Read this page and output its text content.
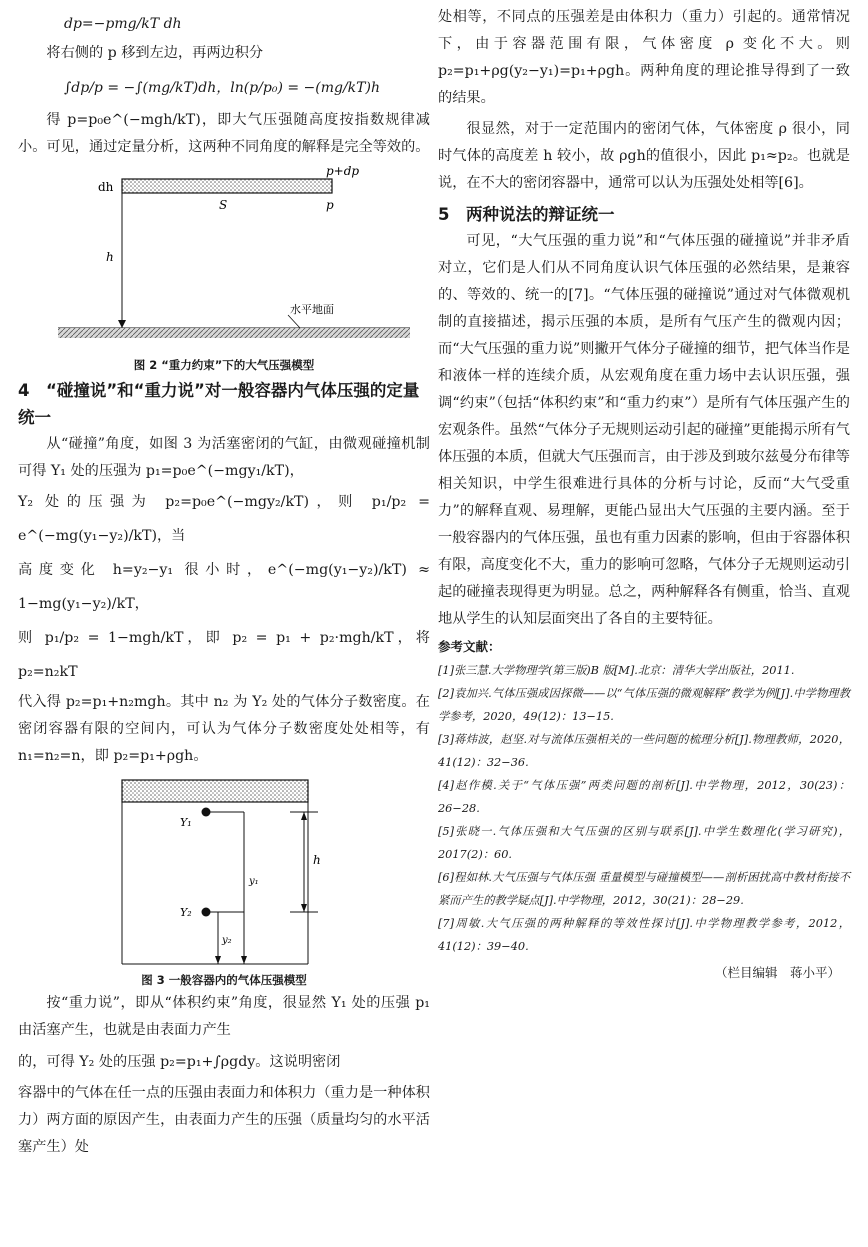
dp=−pmg/kT dh

将右侧的 p 移到左边，再两边积分

∫dp/p = −∫(mg/kT)dh，ln(p/p₀) = −(mg/kT)h

得 p=p₀e^(−mgh/kT)，即大气压强随高度按指数规律减小。可见，通过定量分析，这两种不同角度的解释是完全等效的。

dh
p+dp
S	p
h
水平地面
图 2 “重力约束”下的大气压强模型
4　“碰撞说”和“重力说”对一般容器内气体压强的定量统一

从“碰撞”角度，如图 3 为活塞密闭的气缸，由微观碰撞机制可得 Y₁ 处的压强为 p₁=p₀e^(−mgy₁/kT)，

Y₂ 处的压强为 p₂=p₀e^(−mgy₂/kT)，则 p₁/p₂ = e^(−mg(y₁−y₂)/kT)，当

高度变化 h=y₂−y₁ 很小时，e^(−mg(y₁−y₂)/kT) ≈ 1−mg(y₁−y₂)/kT，

则 p₁/p₂ = 1−mgh/kT，即 p₂ = p₁ + p₂·mgh/kT，将 p₂=n₂kT

代入得 p₂=p₁+n₂mgh。其中 n₂ 为 Y₂ 处的气体分子数密度。在密闭容器有限的空间内，可认为气体分子数密度处处相等，有 n₁=n₂=n，即 p₂=p₁+ρgh。

Y₁
Y₂
h
y₁
y₂
图 3 一般容器内的气体压强模型

按“重力说”，即从“体积约束”角度，很显然 Y₁ 处的压强 p₁ 由活塞产生，也就是由表面力产生

的，可得 Y₂ 处的压强 p₂=p₁+∫ρgdy。这说明密闭

容器中的气体在任一点的压强由表面力和体积力（重力是一种体积力）两方面的原因产生，由表面力产生的压强（质量均匀的水平活塞产生）处

处相等，不同点的压强差是由体积力（重力）引起的。通常情况下，由于容器范围有限，气体密度 ρ 变化不大。则 p₂=p₁+ρg(y₂−y₁)=p₁+ρgh。两种角度的理论推导得到了一致的结果。

很显然，对于一定范围内的密闭气体，气体密度 ρ 很小，同时气体的高度差 h 较小，故 ρgh的值很小，因此 p₁≈p₂。也就是说，在不大的密闭容器中，通常可以认为压强处处相等[6]。

5　两种说法的辩证统一

可见，“大气压强的重力说”和“气体压强的碰撞说”并非矛盾对立，它们是人们从不同角度认识气体压强的必然结果，是兼容的、等效的、统一的[7]。“气体压强的碰撞说”通过对气体微观机制的直接描述，揭示压强的本质，是所有气压产生的微观内因；而“大气压强的重力说”则撇开气体分子碰撞的细节，把气体当作是和液体一样的连续介质，从宏观角度在重力场中去认识压强，强调“约束”（包括“体积约束”和“重力约束”）是所有气体压强产生的宏观条件。虽然“气体分子无规则运动引起的碰撞”更能揭示所有气体压强的本质，但就大气压强而言，由于涉及到玻尔兹曼分布律等相关知识，中学生很难进行具体的分析与讨论，反而“大气受重力”的解释直观、易理解，更能凸显出大气压强的主要内涵。至于一般容器内的气体压强，虽也有重力因素的影响，但由于容器体积有限，高度变化不大，重力的影响可忽略，气体分子无规则运动引起的碰撞表现得更为明显。总之，两种解释各有侧重，恰当、直观地从学生的认知层面突出了各自的主要特征。

参考文献：
[1]张三慧.大学物理学(第三版)B 版[M].北京：清华大学出版社，2011.
[2]袁加兴.气体压强成因探微——以“气体压强的微观解释”教学为例[J].中学物理教学参考，2020，49(12)：13−15.
[3]蒋炜波，赵坚.对与流体压强相关的一些问题的梳理分析[J].物理教师，2020，41(12)：32−36.
[4]赵作模.关于“气体压强”两类问题的剖析[J].中学物理，2012，30(23)：26−28.
[5]张晓一.气体压强和大气压强的区别与联系[J].中学生数理化(学习研究)，2017(2)：60.
[6]程如林.大气压强与气体压强 重量模型与碰撞模型——剖析困扰高中教材衔接不紧而产生的教学疑点[J].中学物理，2012，30(21)：28−29.
[7]周敏.大气压强的两种解释的等效性探讨[J].中学物理教学参考，2012，41(12)：39−40.
（栏目编辑　蒋小平）
